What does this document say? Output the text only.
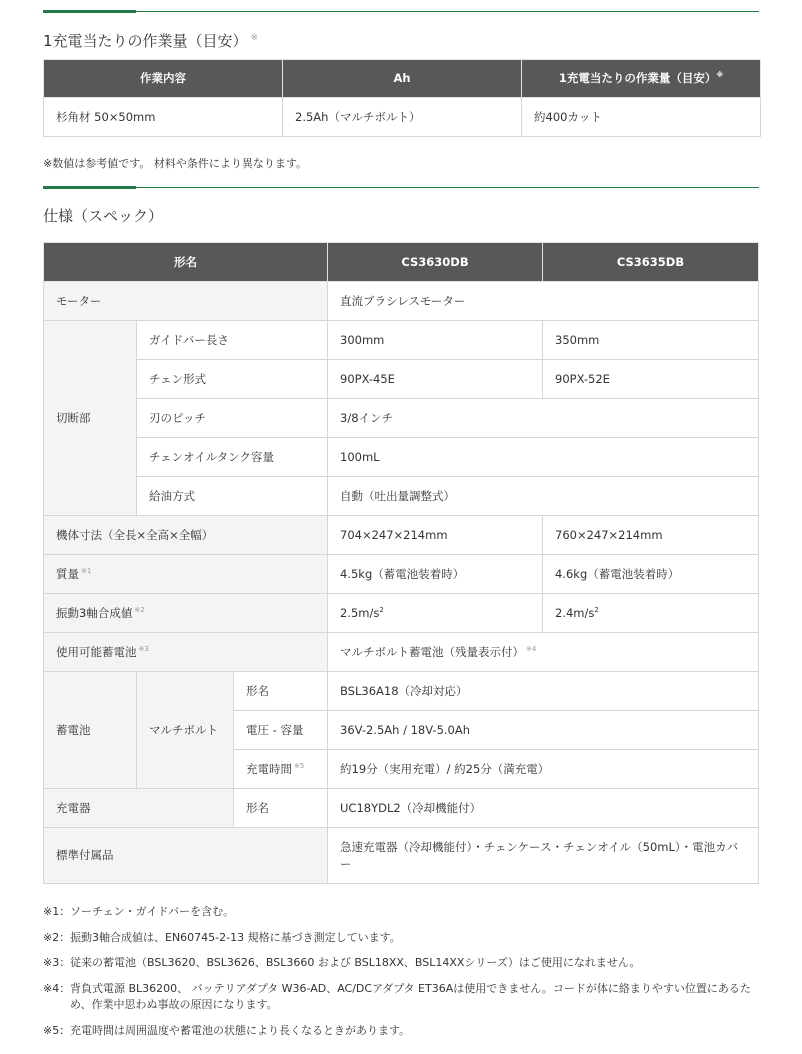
1充電当たりの作業量（目安） ※
作業内容	Ah	1充電当たりの作業量（目安）※
杉角材 50×50mm	2.5Ah（マルチボルト）	約400カット
※数値は参考値です。 材料や条件により異なります。
仕様（スペック）
形名			CS3630DB	CS3635DB
モーター			直流ブラシレスモーター	
切断部	ガイドバー長さ		300mm	350mm
	チェン形式		90PX-45E	90PX-52E
	刃のピッチ		3/8インチ	
	チェンオイルタンク容量		100mL	
	給油方式		自動（吐出量調整式）	
機体寸法（全長×全高×全幅）			704×247×214mm	760×247×214mm
質量 $^{※1}$			4.5kg（蓄電池装着時）	4.6kg（蓄電池装着時）
振動3軸合成値 $^{※2}$			$2.5m/s^2$	$2.4m/s^2$
使用可能蓄電池 $^{※3}$			マルチボルト蓄電池（残量表示付） $^{※4}$
蓄電池	マルチボルト	形名	BSL36A18（冷却対応）	
		電圧 - 容量	36V-2.5Ah / 18V-5.0Ah	
		充電時間 $^{※5}$	約19分（実用充電）/ 約25分（満充電）	
充電器		形名	UC18YDL2（冷却機能付）	
標準付属品			急速充電器（冷却機能付）・チェンケース・チェンオイル（50mL）・電池カバー	
※1： ソーチェン・ガイドバーを含む。
※2： 振動3軸合成値は、EN60745-2-13 規格に基づき測定しています。
※3： 従来の蓄電池（BSL3620、BSL3626、BSL3660 および BSL18XX、BSL14XXシリーズ）はご使用になれません。
※4： 背負式電源 BL36200、 バッテリアダプタ W36-AD、AC/DCアダプタ ET36Aは使用できません。コードが体に絡まりやすい位置にあるため、作業中思わぬ事故の原因になります。
※5： 充電時間は周囲温度や蓄電池の状態により長くなるときがあります。
